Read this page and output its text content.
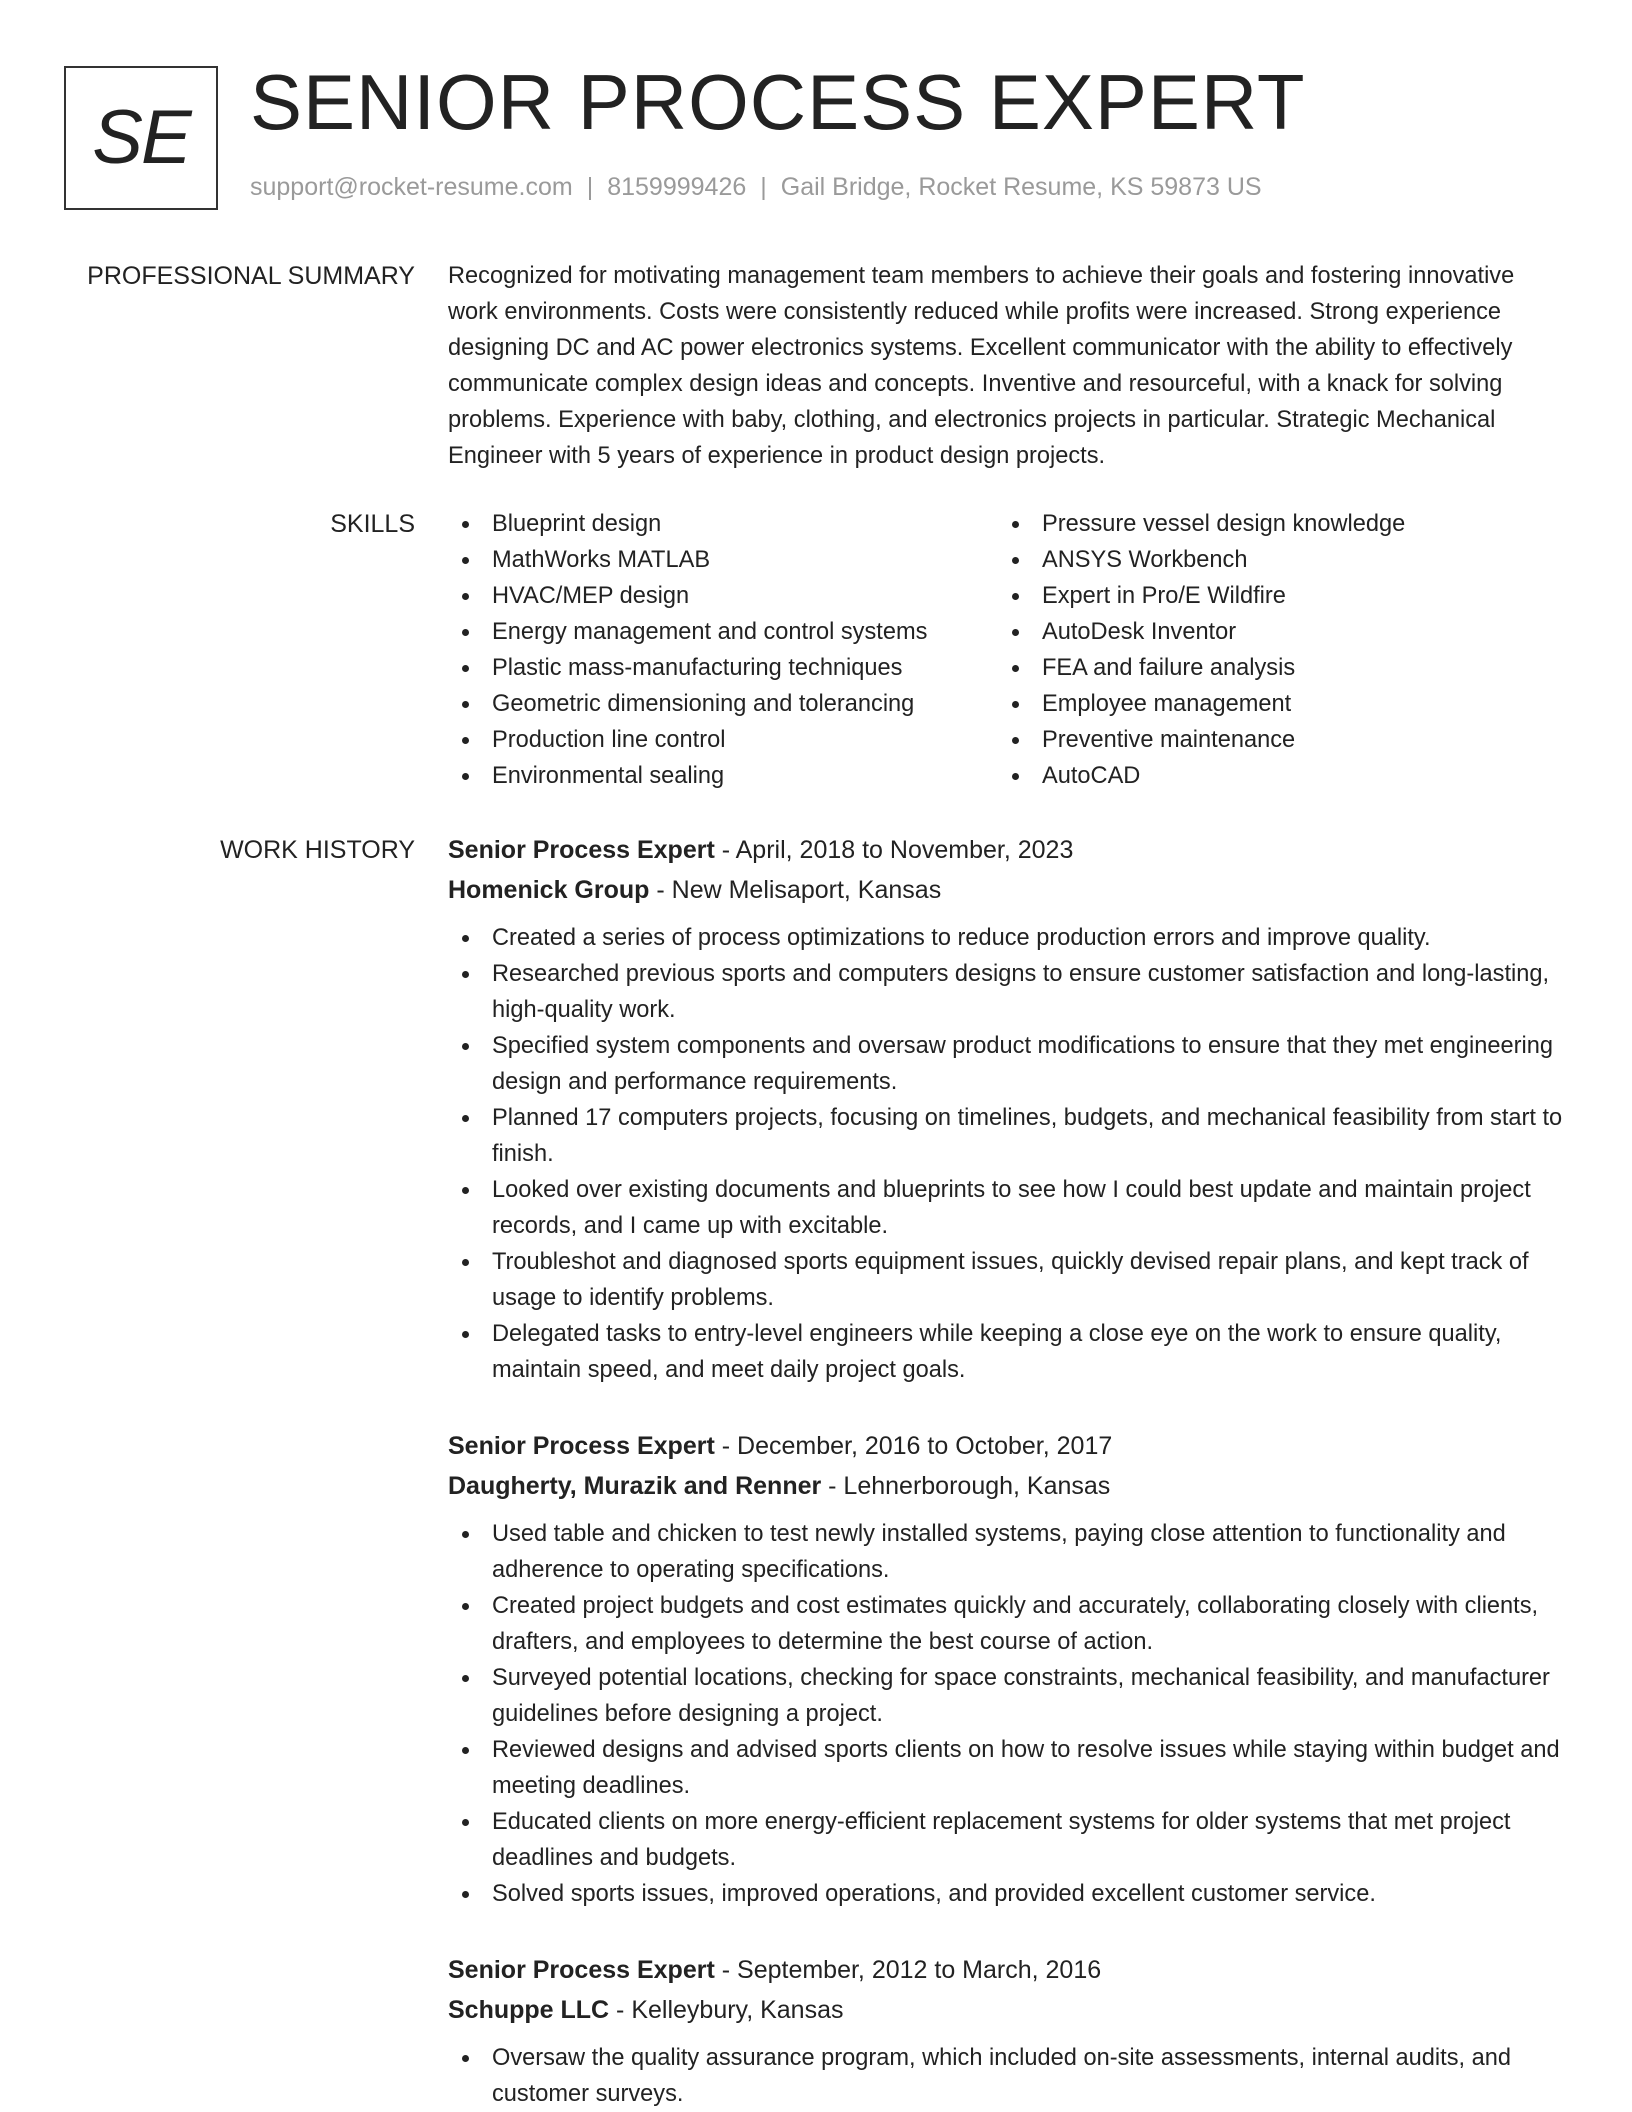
SE SENIOR PROCESS EXPERT
support@rocket-resume.com | 8159999426 | Gail Bridge, Rocket Resume, KS 59873 US
PROFESSIONAL SUMMARY Recognized for motivating management team members to achieve their goals and fostering innovative work environments. Costs were consistently reduced while profits were increased. Strong experience designing DC and AC power electronics systems. Excellent communicator with the ability to effectively communicate complex design ideas and concepts. Inventive and resourceful, with a knack for solving problems. Experience with baby, clothing, and electronics projects in particular. Strategic Mechanical Engineer with 5 years of experience in product design projects.
SKILLS	Blueprint design
MathWorks MATLAB
HVAC/MEP design
Energy management and control systems
Plastic mass-manufacturing techniques
Geometric dimensioning and tolerancing
Production line control
Environmental sealing
Pressure vessel design knowledge
ANSYS Workbench
Expert in Pro/E Wildfire
AutoDesk Inventor
FEA and failure analysis
Employee management
Preventive maintenance
AutoCAD
WORK HISTORY Senior Process Expert - April, 2018 to November, 2023
Homenick Group - New Melisaport, Kansas
Created a series of process optimizations to reduce production errors and improve quality.
Researched previous sports and computers designs to ensure customer satisfaction and long-lasting, high-quality work.
Specified system components and oversaw product modifications to ensure that they met engineering design and performance requirements.
Planned 17 computers projects, focusing on timelines, budgets, and mechanical feasibility from start to finish.
Looked over existing documents and blueprints to see how I could best update and maintain project records, and I came up with excitable.
Troubleshot and diagnosed sports equipment issues, quickly devised repair plans, and kept track of usage to identify problems.
Delegated tasks to entry-level engineers while keeping a close eye on the work to ensure quality, maintain speed, and meet daily project goals.
Senior Process Expert - December, 2016 to October, 2017
Daugherty, Murazik and Renner - Lehnerborough, Kansas
Used table and chicken to test newly installed systems, paying close attention to functionality and adherence to operating specifications.
Created project budgets and cost estimates quickly and accurately, collaborating closely with clients, drafters, and employees to determine the best course of action.
Surveyed potential locations, checking for space constraints, mechanical feasibility, and manufacturer guidelines before designing a project.
Reviewed designs and advised sports clients on how to resolve issues while staying within budget and meeting deadlines.
Educated clients on more energy-efficient replacement systems for older systems that met project deadlines and budgets.
Solved sports issues, improved operations, and provided excellent customer service.
Senior Process Expert - September, 2012 to March, 2016
Schuppe LLC - Kelleybury, Kansas
Oversaw the quality assurance program, which included on-site assessments, internal audits, and customer surveys.
